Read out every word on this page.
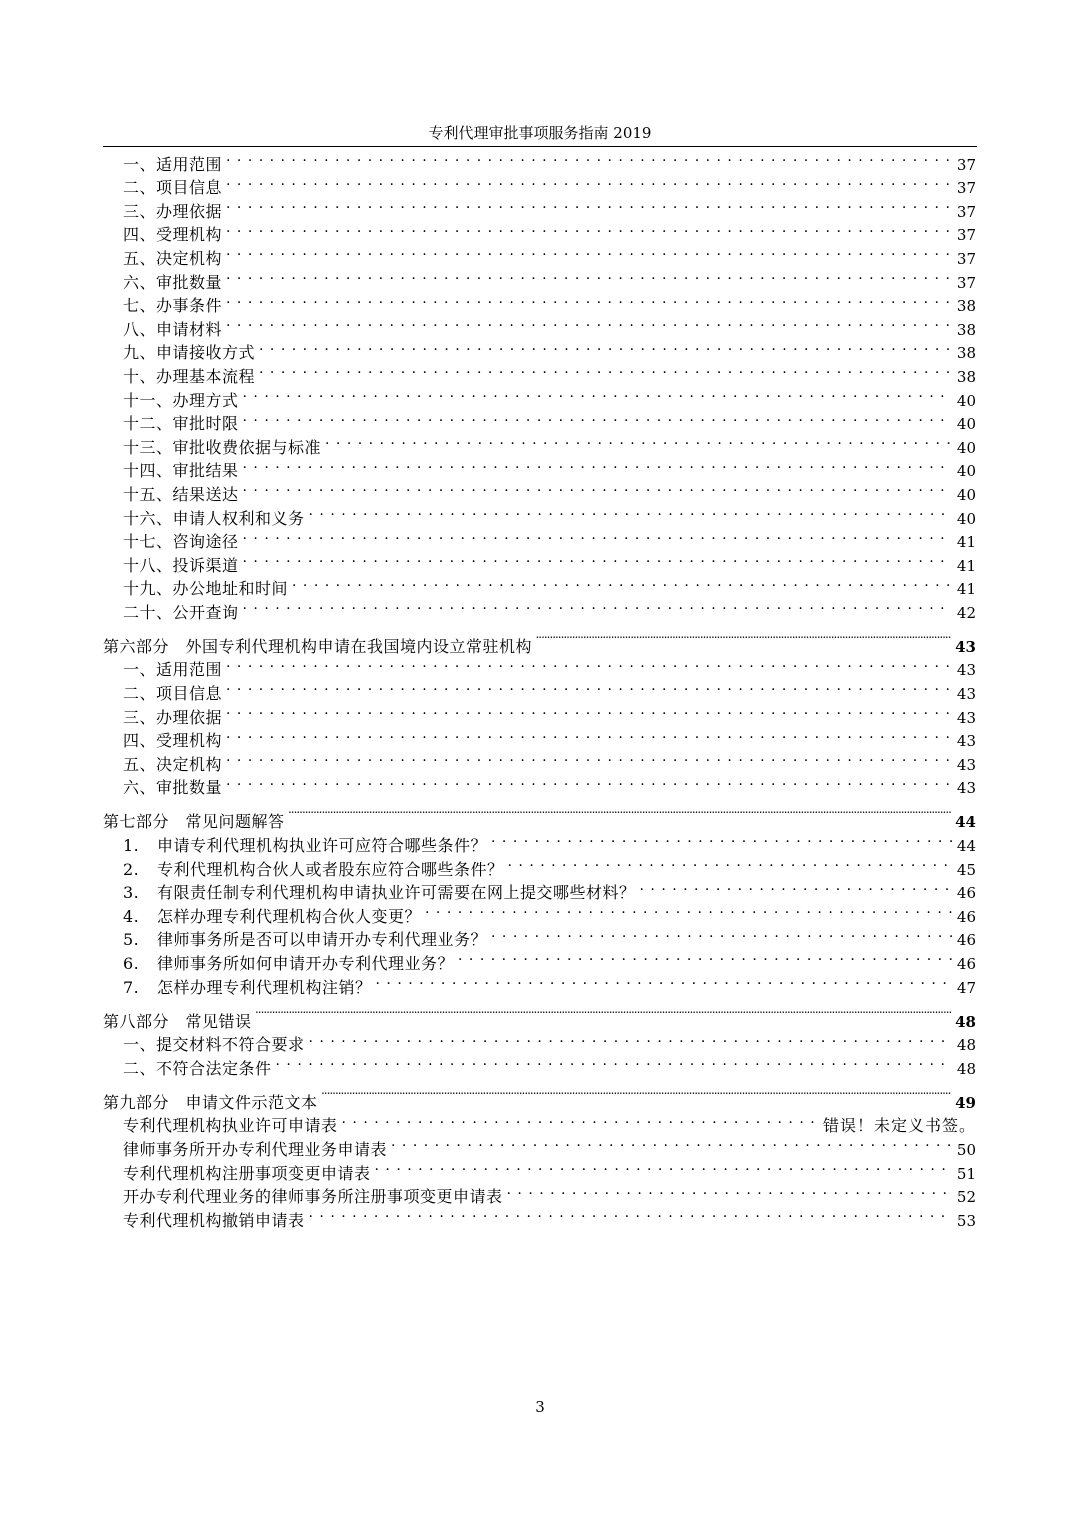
专利代理审批事项服务指南 2019
一、适用范围 . . .	37
二、项目信息 . . .	37
三、办理依据 . . .	37
四、受理机构 . . .	37
五、决定机构 . . .	37
六、审批数量 . . .	37
七、办事条件 . . .	38
八、申请材料 . . .	38
九、申请接收方式 . . .	38
十、办理基本流程 . . .	38
十一、办理方式 . . .	40
十二、审批时限 . . .	40
十三、审批收费依据与标准 . . .	40
十四、审批结果 . . .	40
十五、结果送达 . . .	40
十六、申请人权利和义务 . . .	40
十七、咨询途径 . . .	41
十八、投诉渠道 . . .	41
十九、办公地址和时间 . . .	41
二十、公开查询 . . .	42
第六部分　外国专利代理机构申请在我国境内设立常驻机构 .....	43
一、适用范围 . . .	43
二、项目信息 . . .	43
三、办理依据 . . .	43
四、受理机构 . . .	43
五、决定机构 . . .	43
六、审批数量 . . .	43
第七部分　常见问题解答 .....	44
1. 申请专利代理机构执业许可应符合哪些条件？ . . .	44
2. 专利代理机构合伙人或者股东应符合哪些条件？ . . .	45
3. 有限责任制专利代理机构申请执业许可需要在网上提交哪些材料？ . . .	46
4. 怎样办理专利代理机构合伙人变更？ . . .	46
5. 律师事务所是否可以申请开办专利代理业务？ . . .	46
6. 律师事务所如何申请开办专利代理业务？ . . .	46
7. 怎样办理专利代理机构注销？ . . .	47
第八部分　常见错误 .....	48
一、提交材料不符合要求 . . .	48
二、不符合法定条件 . . .	48
第九部分　申请文件示范文本 .....	49
专利代理机构执业许可申请表 . . .	错误！未定义书签。
律师事务所开办专利代理业务申请表 . . .	50
专利代理机构注册事项变更申请表 . . .	51
开办专利代理业务的律师事务所注册事项变更申请表 . . .	52
专利代理机构撤销申请表 . . .	53
3
